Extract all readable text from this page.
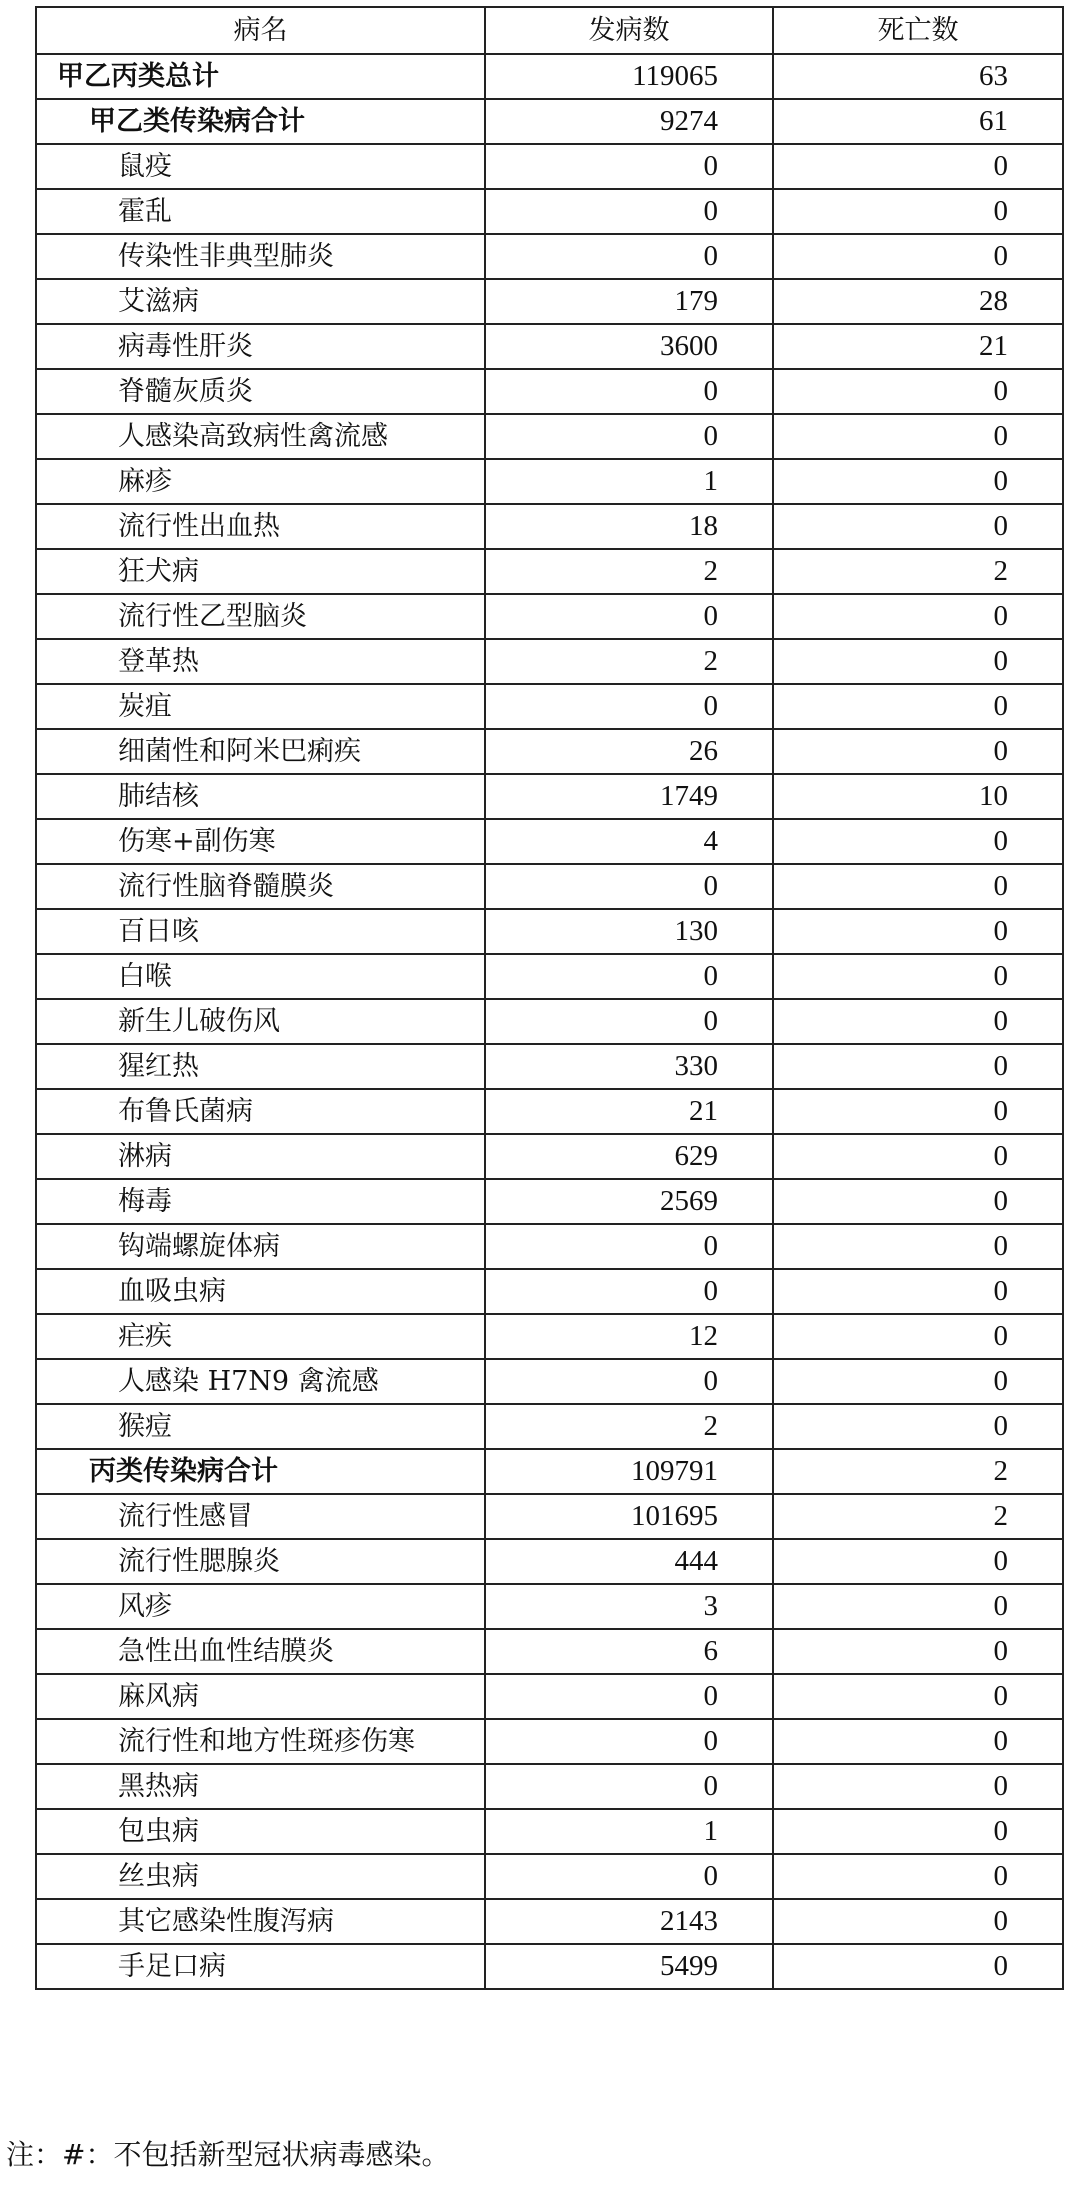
病名	发病数	死亡数
甲乙丙类总计	119065	63
甲乙类传染病合计	9274	61
鼠疫	0	0
霍乱	0	0
传染性非典型肺炎	0	0
艾滋病	179	28
病毒性肝炎	3600	21
脊髓灰质炎	0	0
人感染高致病性禽流感	0	0
麻疹	1	0
流行性出血热	18	0
狂犬病	2	2
流行性乙型脑炎	0	0
登革热	2	0
炭疽	0	0
细菌性和阿米巴痢疾	26	0
肺结核	1749	10
伤寒+副伤寒	4	0
流行性脑脊髓膜炎	0	0
百日咳	130	0
白喉	0	0
新生儿破伤风	0	0
猩红热	330	0
布鲁氏菌病	21	0
淋病	629	0
梅毒	2569	0
钩端螺旋体病	0	0
血吸虫病	0	0
疟疾	12	0
人感染 H7N9 禽流感	0	0
猴痘	2	0
丙类传染病合计	109791	2
流行性感冒	101695	2
流行性腮腺炎	444	0
风疹	3	0
急性出血性结膜炎	6	0
麻风病	0	0
流行性和地方性斑疹伤寒	0	0
黑热病	0	0
包虫病	1	0
丝虫病	0	0
其它感染性腹泻病	2143	0
手足口病	5499	0
注：#：不包括新型冠状病毒感染。
